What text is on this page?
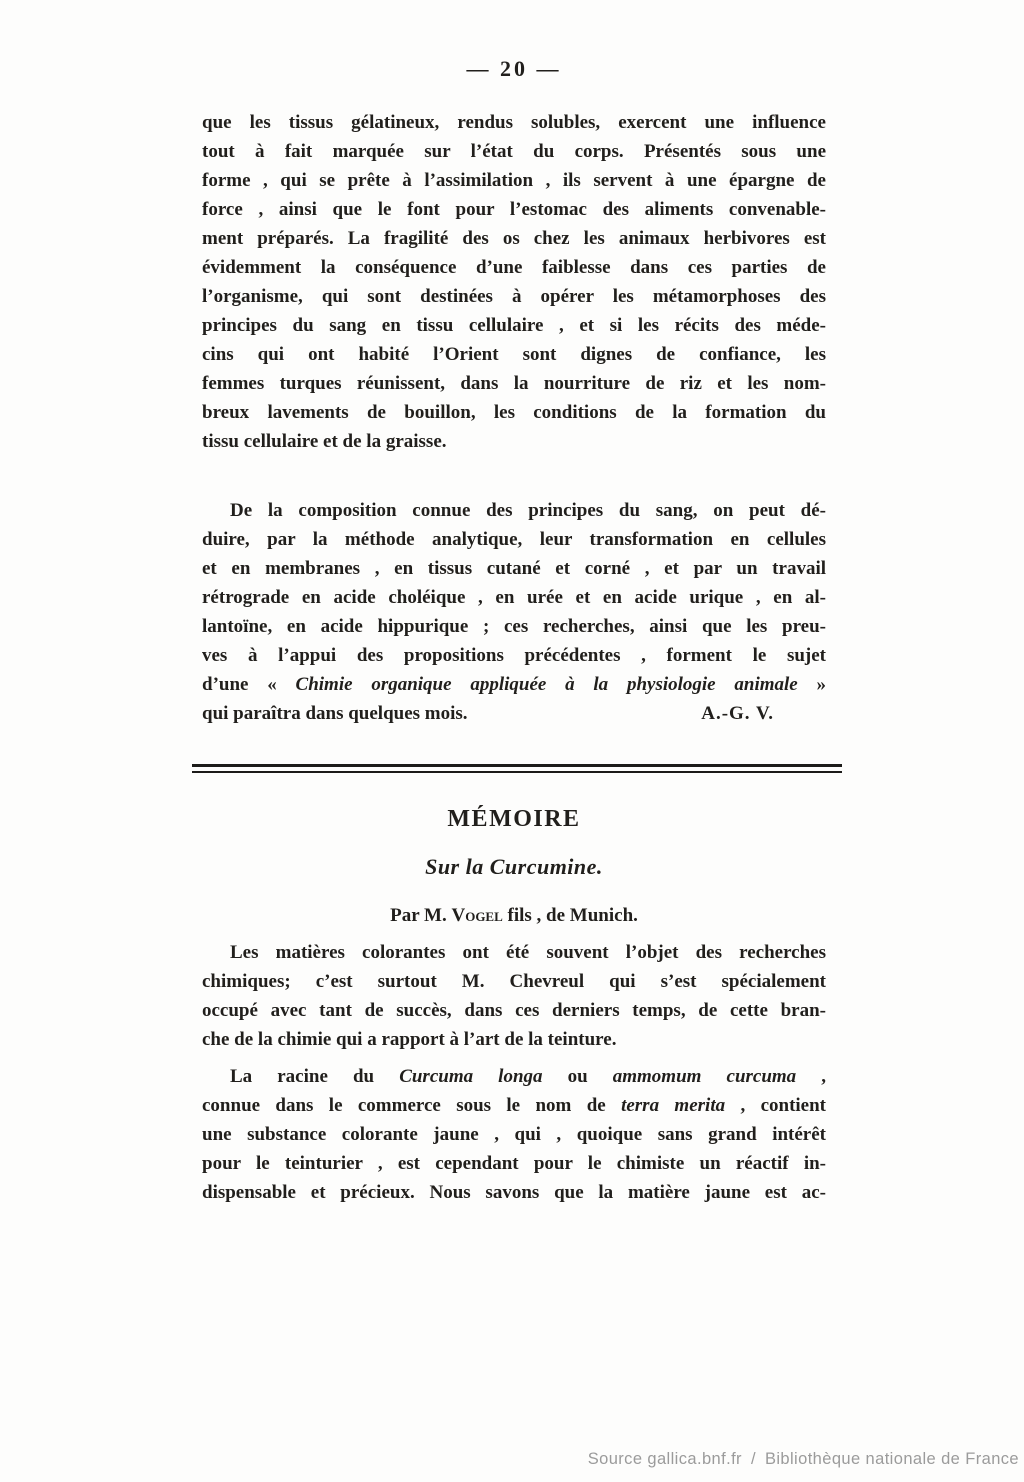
— 20 —
que les tissus gélatineux, rendus solubles, exercent une influence
tout à fait marquée sur l’état du corps. Présentés sous une
forme , qui se prête à l’assimilation , ils servent à une épargne de
force , ainsi que le font pour l’estomac des aliments convenable-
ment préparés. La fragilité des os chez les animaux herbivores est
évidemment la conséquence d’une faiblesse dans ces parties de
l’organisme, qui sont destinées à opérer les métamorphoses des
principes du sang en tissu cellulaire , et si les récits des méde-
cins qui ont habité l’Orient sont dignes de confiance, les
femmes turques réunissent, dans la nourriture de riz et les nom-
breux lavements de bouillon, les conditions de la formation du
tissu cellulaire et de la graisse.
De la composition connue des principes du sang, on peut dé-
duire, par la méthode analytique, leur transformation en cellules
et en membranes , en tissus cutané et corné , et par un travail
rétrograde en acide choléique , en urée et en acide urique , en al-
lantoïne, en acide hippurique ; ces recherches, ainsi que les preu-
ves à l’appui des propositions précédentes , forment le sujet
d’une « Chimie organique appliquée à la physiologie animale »
qui paraîtra dans quelques mois.	A.-G. V.
MÉMOIRE
Sur la Curcumine.
Par M. Vogel fils , de Munich.
Les matières colorantes ont été souvent l’objet des recherches
chimiques; c’est surtout M. Chevreul qui s’est spécialement
occupé avec tant de succès, dans ces derniers temps, de cette bran-
che de la chimie qui a rapport à l’art de la teinture.
La racine du Curcuma longa ou ammomum curcuma ,
connue dans le commerce sous le nom de terra merita , contient
une substance colorante jaune , qui , quoique sans grand intérêt
pour le teinturier , est cependant pour le chimiste un réactif in-
dispensable et précieux. Nous savons que la matière jaune est ac-
Source gallica.bnf.fr / Bibliothèque nationale de France
